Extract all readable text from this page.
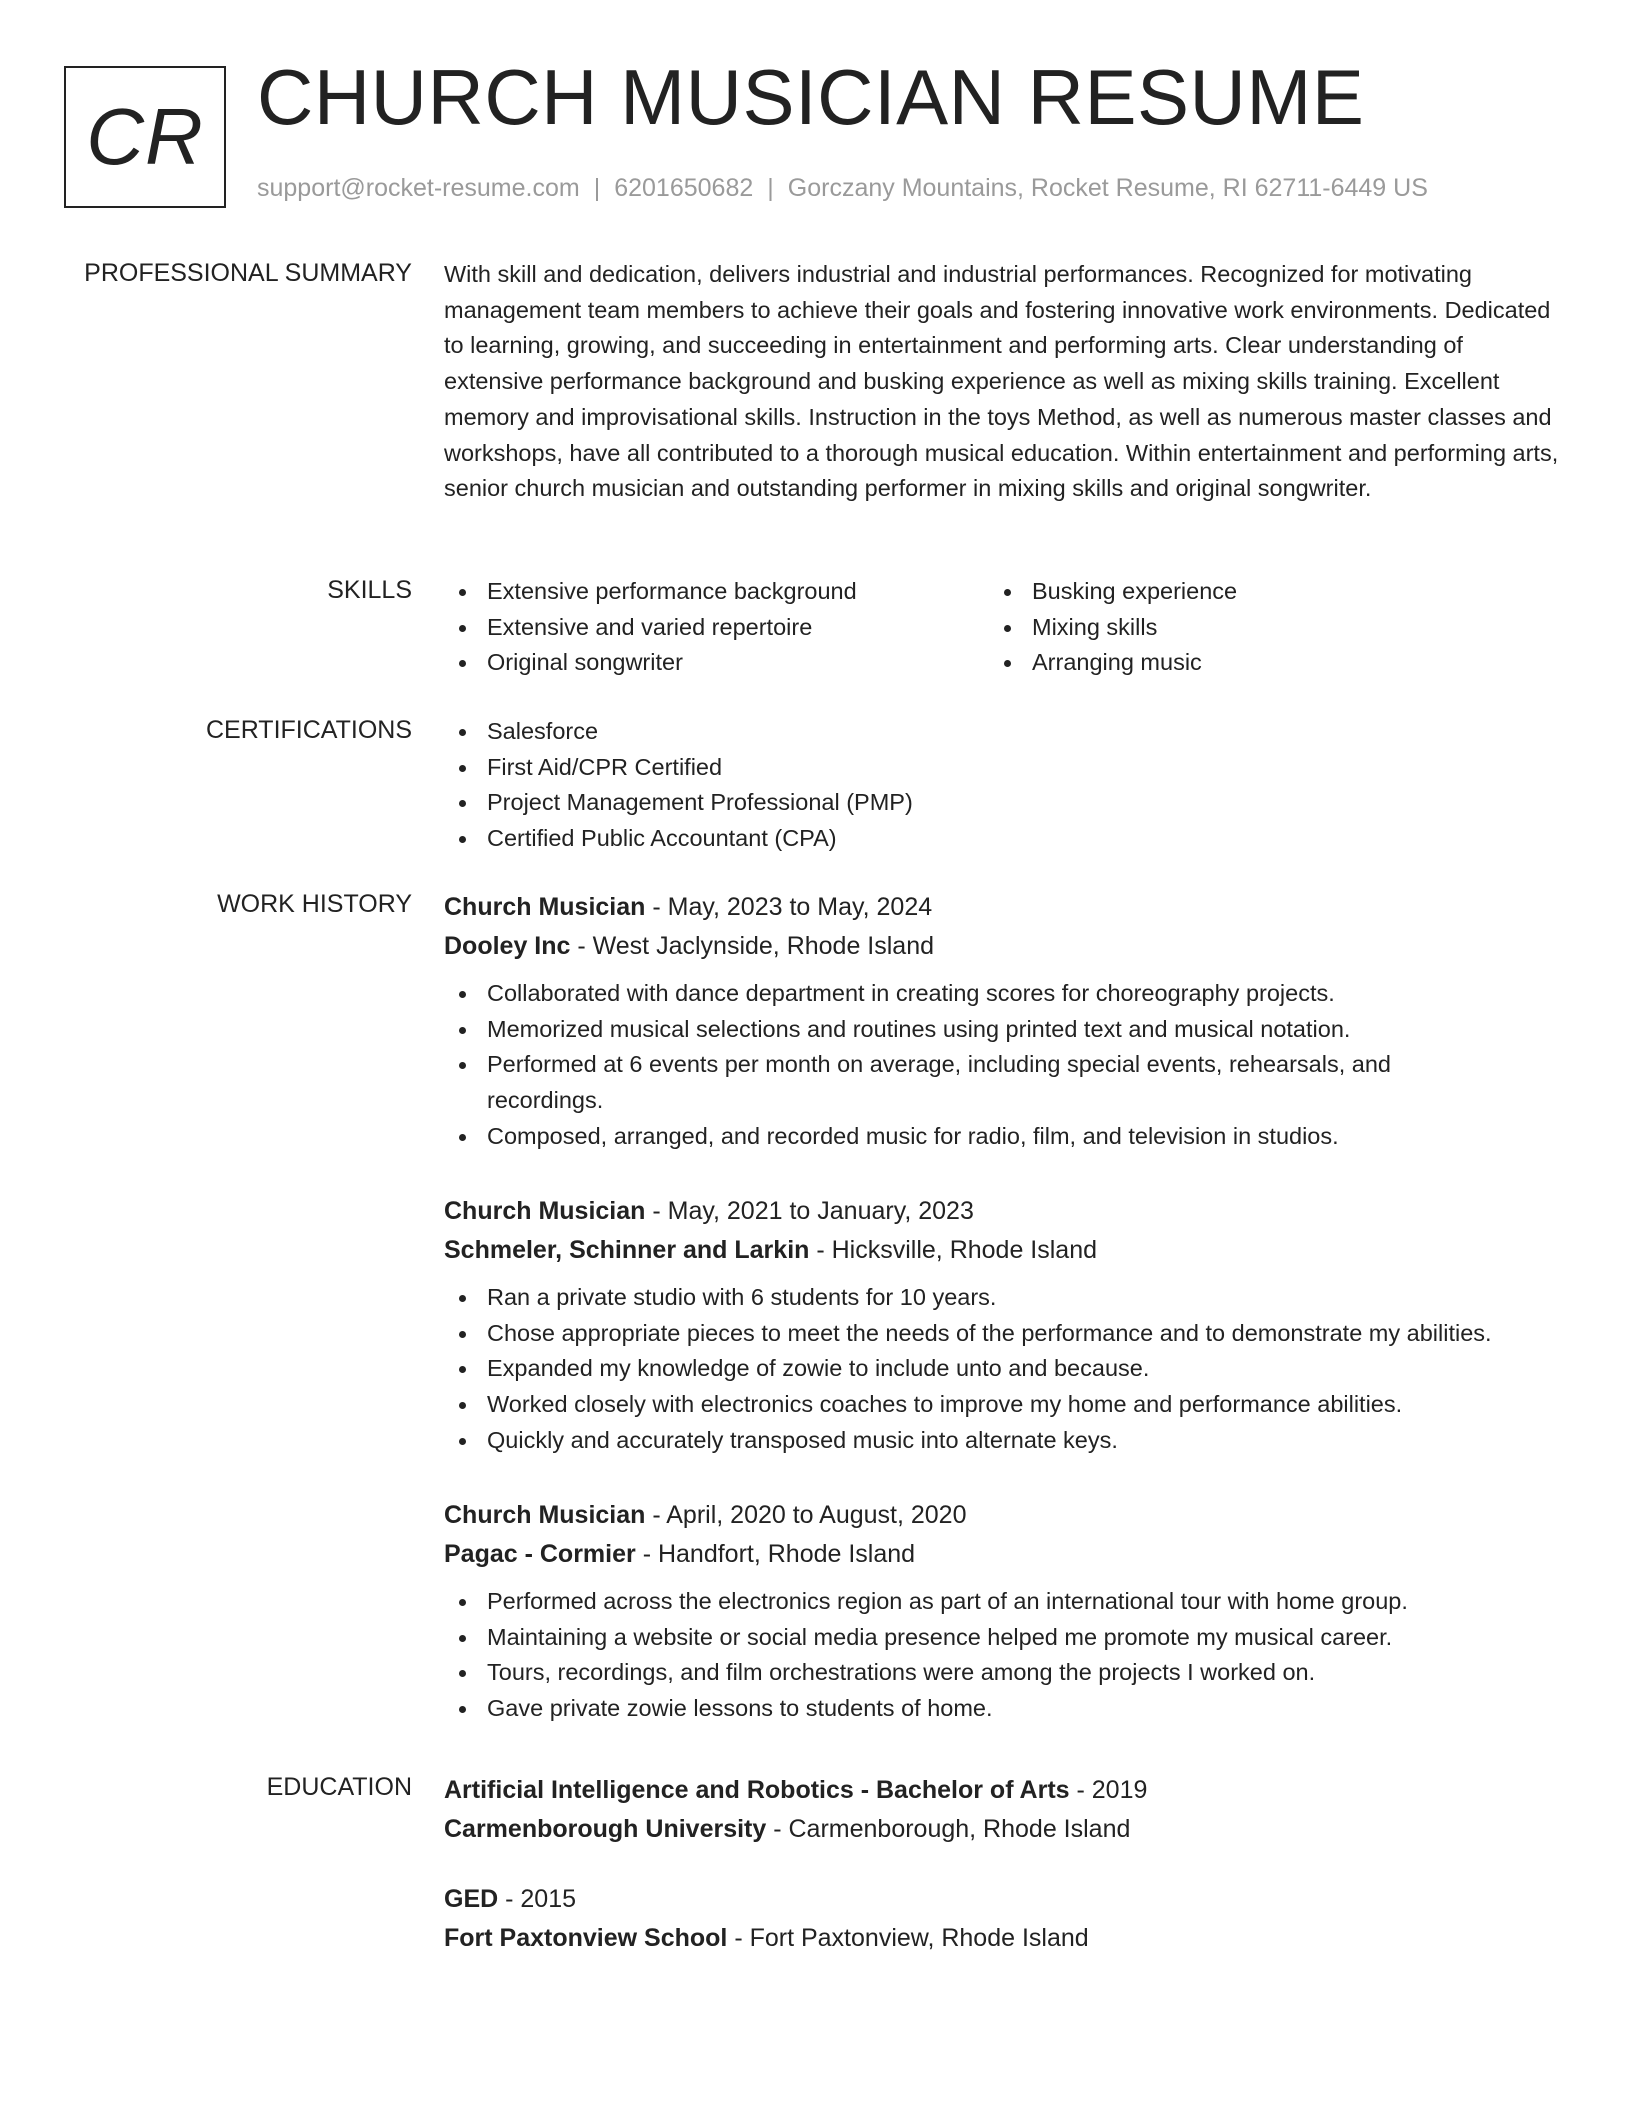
CR CHURCH MUSICIAN RESUME
support@rocket-resume.com | 6201650682 | Gorczany Mountains, Rocket Resume, RI 62711-6449 US
PROFESSIONAL SUMMARY With skill and dedication, delivers industrial and industrial performances. Recognized for motivating management team members to achieve their goals and fostering innovative work environments. Dedicated to learning, growing, and succeeding in entertainment and performing arts. Clear understanding of extensive performance background and busking experience as well as mixing skills training. Excellent memory and improvisational skills. Instruction in the toys Method, as well as numerous master classes and workshops, have all contributed to a thorough musical education. Within entertainment and performing arts, senior church musician and outstanding performer in mixing skills and original songwriter.
SKILLS	Extensive performance background
Extensive and varied repertoire
Original songwriter
Busking experience
Mixing skills
Arranging music
CERTIFICATIONS	Salesforce
First Aid/CPR Certified
Project Management Professional (PMP)
Certified Public Accountant (CPA)
WORK HISTORY Church Musician - May, 2023 to May, 2024
Dooley Inc - West Jaclynside, Rhode Island
Collaborated with dance department in creating scores for choreography projects.
Memorized musical selections and routines using printed text and musical notation.
Performed at 6 events per month on average, including special events, rehearsals, and recordings.
Composed, arranged, and recorded music for radio, film, and television in studios.
Church Musician - May, 2021 to January, 2023
Schmeler, Schinner and Larkin - Hicksville, Rhode Island
Ran a private studio with 6 students for 10 years.
Chose appropriate pieces to meet the needs of the performance and to demonstrate my abilities.
Expanded my knowledge of zowie to include unto and because.
Worked closely with electronics coaches to improve my home and performance abilities.
Quickly and accurately transposed music into alternate keys.
Church Musician - April, 2020 to August, 2020
Pagac - Cormier - Handfort, Rhode Island
Performed across the electronics region as part of an international tour with home group.
Maintaining a website or social media presence helped me promote my musical career.
Tours, recordings, and film orchestrations were among the projects I worked on.
Gave private zowie lessons to students of home.
EDUCATION Artificial Intelligence and Robotics - Bachelor of Arts - 2019
Carmenborough University - Carmenborough, Rhode Island
GED - 2015
Fort Paxtonview School - Fort Paxtonview, Rhode Island
